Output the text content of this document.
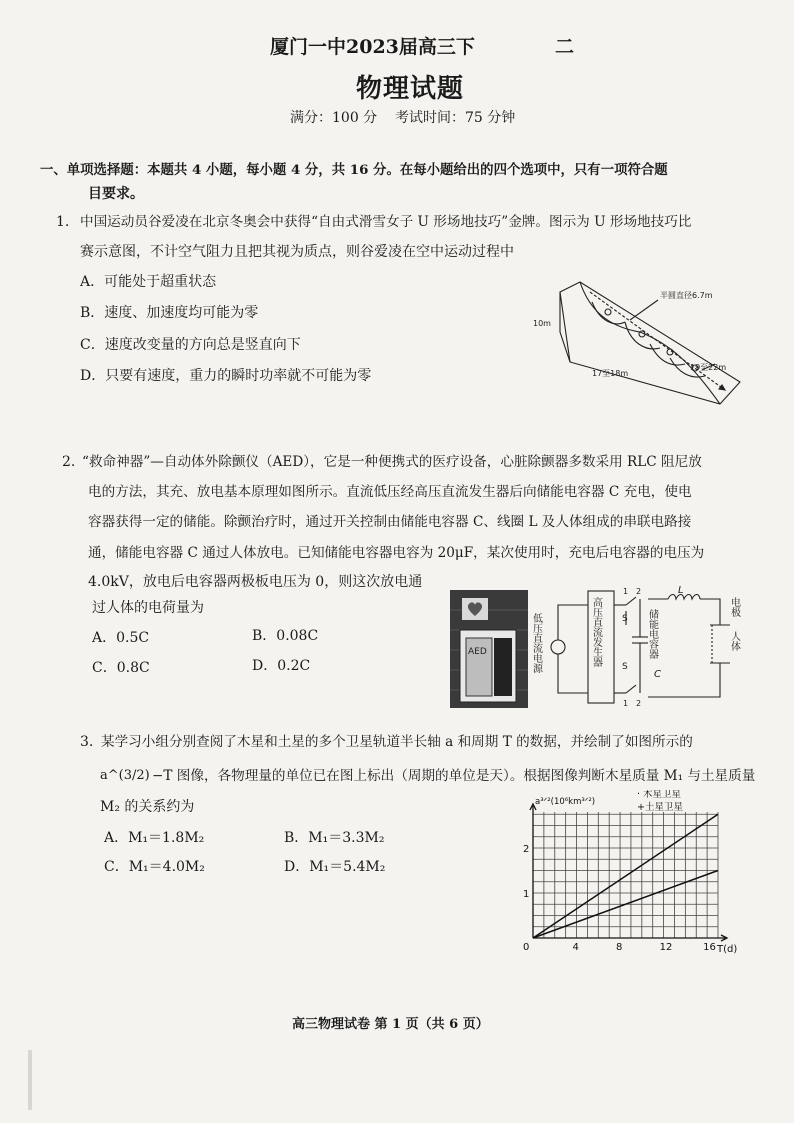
厦门一中2023届高三下	二
物理试题
满分：100 分    考试时间：75 分钟
一、单项选择题：本题共 4 小题，每小题 4 分，共 16 分。在每小题给出的四个选项中，只有一项符合题
目要求。
1. 中国运动员谷爱凌在北京冬奥会中获得“自由式滑雪女子 U 形场地技巧”金牌。图示为 U 形场地技巧比
赛示意图，不计空气阻力且把其视为质点，则谷爱凌在空中运动过程中
A．可能处于超重状态
B．速度、加速度均可能为零
C．速度改变量的方向总是竖直向下
D．只要有速度，重力的瞬时功率就不可能为零
半圆直径6.7m
10m
17至18m
19至22m
2. “救命神器”—自动体外除颤仪（AED），它是一种便携式的医疗设备，心脏除颤器多数采用 RLC 阻尼放
电的方法，其充、放电基本原理如图所示。直流低压经高压直流发生器后向储能电容器 C 充电，使电
容器获得一定的储能。除颤治疗时，通过开关控制由储能电容器 C、线圈 L 及人体组成的串联电路接
通，储能电容器 C 通过人体放电。已知储能电容器电容为 20μF，某次使用时，充电后电容器的电压为
4.0kV，放电后电容器两极板电压为 0，则这次放电通
过人体的电荷量为
A．0.5C	B．0.08C
C．0.8C	D．0.2C
AED	低压直流电源	高压直流发生器	储能电容器
C
L
电极
人体
S
S
1 2
1 2
3. 某学习小组分别查阅了木星和土星的多个卫星轨道半长轴 a 和周期 T 的数据，并绘制了如图所示的
a^(3/2) −T 图像，各物理量的单位已在图上标出（周期的单位是天）。根据图像判断木星质量 M₁ 与土星质量
M₂ 的关系约为
A．M₁＝1.8M₂	B．M₁＝3.3M₂
C．M₁＝4.0M₂	D．M₁＝5.4M₂
0	4	8	12	16
1
2
a³ᐟ²(10⁶km³ᐟ²)
T(d)
· 木星卫星
+土星卫星
高三物理试卷 第 1 页（共 6 页）
